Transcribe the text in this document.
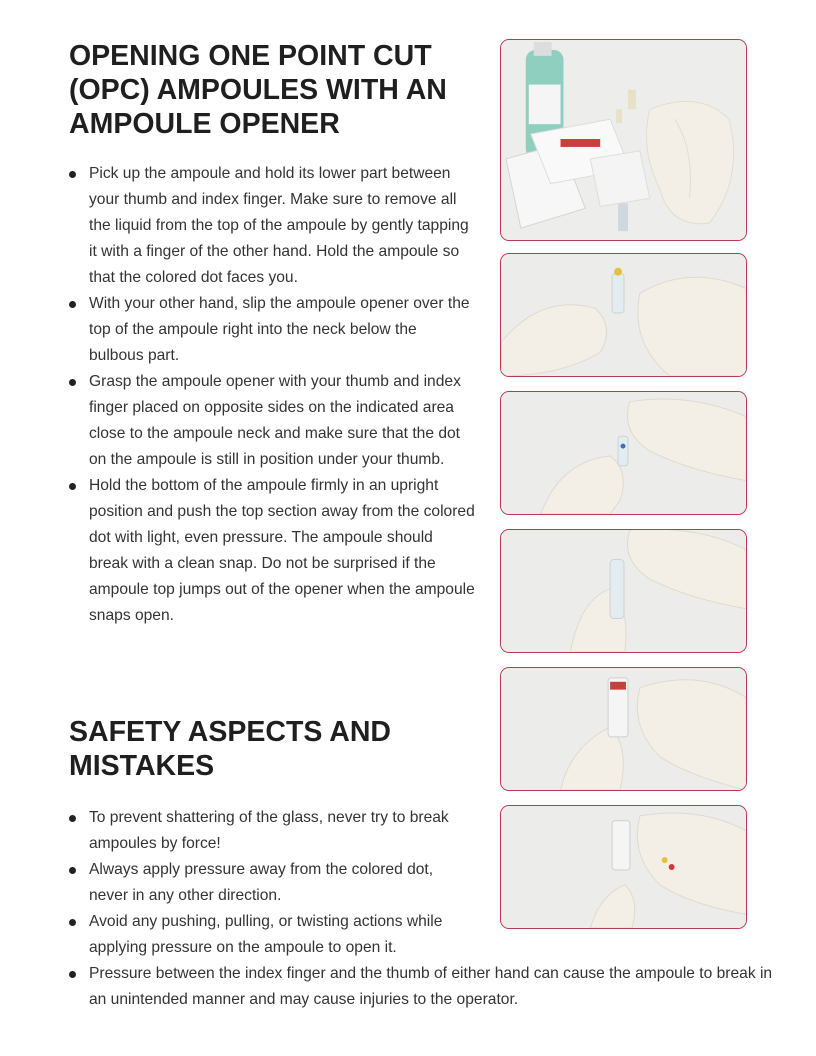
OPENING ONE POINT CUT (OPC) AMPOULES WITH AN AMPOULE OPENER
Pick up the ampoule and hold its lower part between your thumb and index finger. Make sure to remove all the liquid from the top of the ampoule by gently tapping it with a finger of the other hand. Hold the ampoule so that the colored dot faces you.
With your other hand, slip the ampoule opener over the top of the ampoule right into the neck below the bulbous part.
Grasp the ampoule opener with your thumb and index finger placed on opposite sides on the indicated area close to the ampoule neck and make sure that the dot on the ampoule is still in position under your thumb.
Hold the bottom of the ampoule firmly in an upright position and push the top section away from the colored dot with light, even pressure. The ampoule should break with a clean snap. Do not be surprised if the ampoule top jumps out of the opener when the ampoule snaps open.
SAFETY ASPECTS AND MISTAKES
To prevent shattering of the glass, never try to break ampoules by force!
Always apply pressure away from the colored dot, never in any other direction.
Avoid any pushing, pulling, or twisting actions while applying pressure on the ampoule to open it.
Pressure between the index finger and the thumb of either hand can cause the ampoule to break in an unintended manner and may cause injuries to the operator.
